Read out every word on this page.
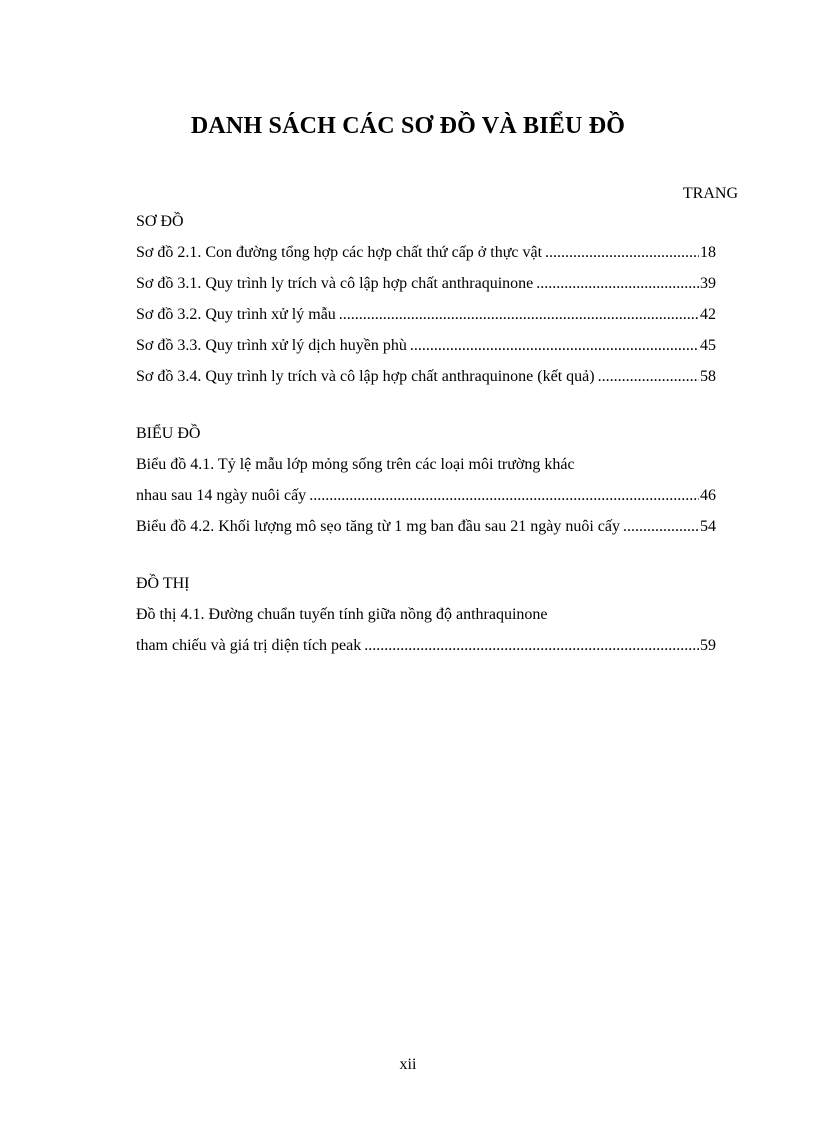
DANH SÁCH CÁC SƠ ĐỒ VÀ BIỂU ĐỒ
TRANG
SƠ ĐỒ
Sơ đồ 2.1. Con đường tổng hợp các hợp chất thứ cấp ở thực vật .....	18
Sơ đồ 3.1. Quy trình ly trích và cô lập hợp chất anthraquinone .....	39
Sơ đồ 3.2. Quy trình xử lý mẫu .....	42
Sơ đồ 3.3. Quy trình xử lý dịch huyền phù .....	45
Sơ đồ 3.4. Quy trình ly trích và cô lập hợp chất anthraquinone (kết quả) .....	58
BIỂU ĐỒ
Biểu đồ 4.1. Tỷ lệ mẫu lớp mỏng sống trên các loại môi trường khác
nhau sau 14 ngày nuôi cấy .....	46
Biểu đồ 4.2. Khối lượng mô sẹo tăng từ 1 mg ban đầu sau 21 ngày nuôi cấy .....	54
ĐỒ THỊ
Đồ thị 4.1. Đường chuẩn tuyến tính giữa nồng độ anthraquinone
tham chiếu và giá trị diện tích peak .....	59
xii
